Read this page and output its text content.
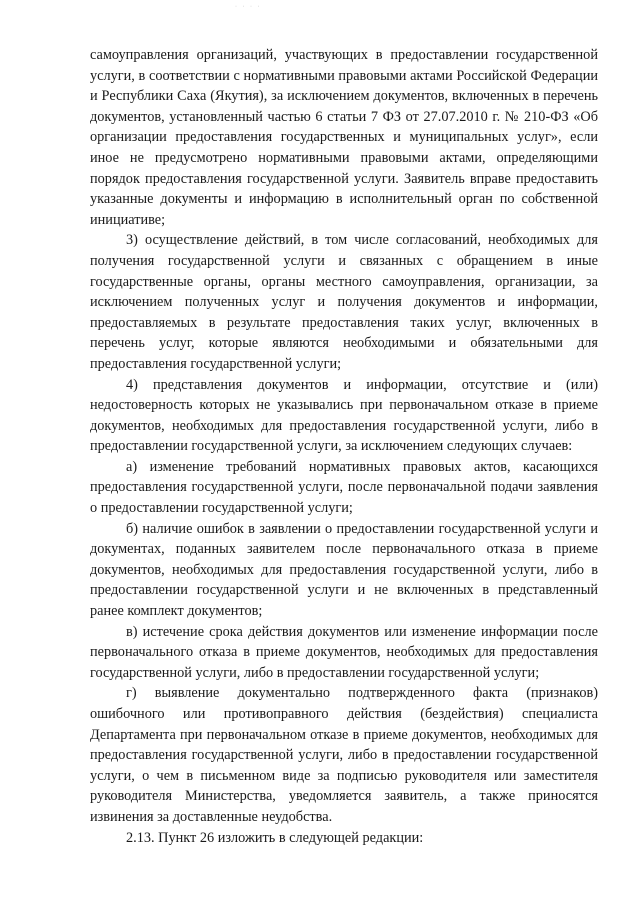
· · · ·

самоуправления организаций, участвующих в предоставлении государственной услуги, в соответствии с нормативными правовыми актами Российской Федерации и Республики Саха (Якутия), за исключением документов, включенных в перечень документов, установленный частью 6 статьи 7 ФЗ от 27.07.2010 г. № 210-ФЗ «Об организации предоставления государственных и муниципальных услуг», если иное не предусмотрено нормативными правовыми актами, определяющими порядок предоставления государственной услуги. Заявитель вправе предоставить указанные документы и информацию в исполнительный орган по собственной инициативе;

3) осуществление действий, в том числе согласований, необходимых для получения государственной услуги и связанных с обращением в иные государственные органы, органы местного самоуправления, организации, за исключением полученных услуг и получения документов и информации, предоставляемых в результате предоставления таких услуг, включенных в перечень услуг, которые являются необходимыми и обязательными для предоставления государственной услуги;

4) представления документов и информации, отсутствие и (или) недостоверность которых не указывались при первоначальном отказе в приеме документов, необходимых для предоставления государственной услуги, либо в предоставлении государственной услуги, за исключением следующих случаев:

а) изменение требований нормативных правовых актов, касающихся предоставления государственной услуги, после первоначальной подачи заявления о предоставлении государственной услуги;

б) наличие ошибок в заявлении о предоставлении государственной услуги и документах, поданных заявителем после первоначального отказа в приеме документов, необходимых для предоставления государственной услуги, либо в предоставлении государственной услуги и не включенных в представленный ранее комплект документов;

в) истечение срока действия документов или изменение информации после первоначального отказа в приеме документов, необходимых для предоставления государственной услуги, либо в предоставлении государственной услуги;

г) выявление документально подтвержденного факта (признаков) ошибочного или противоправного действия (бездействия) специалиста Департамента при первоначальном отказе в приеме документов, необходимых для предоставления государственной услуги, либо в предоставлении государственной услуги, о чем в письменном виде за подписью руководителя или заместителя руководителя Министерства, уведомляется заявитель, а также приносятся извинения за доставленные неудобства.

2.13. Пункт 26 изложить в следующей редакции:
